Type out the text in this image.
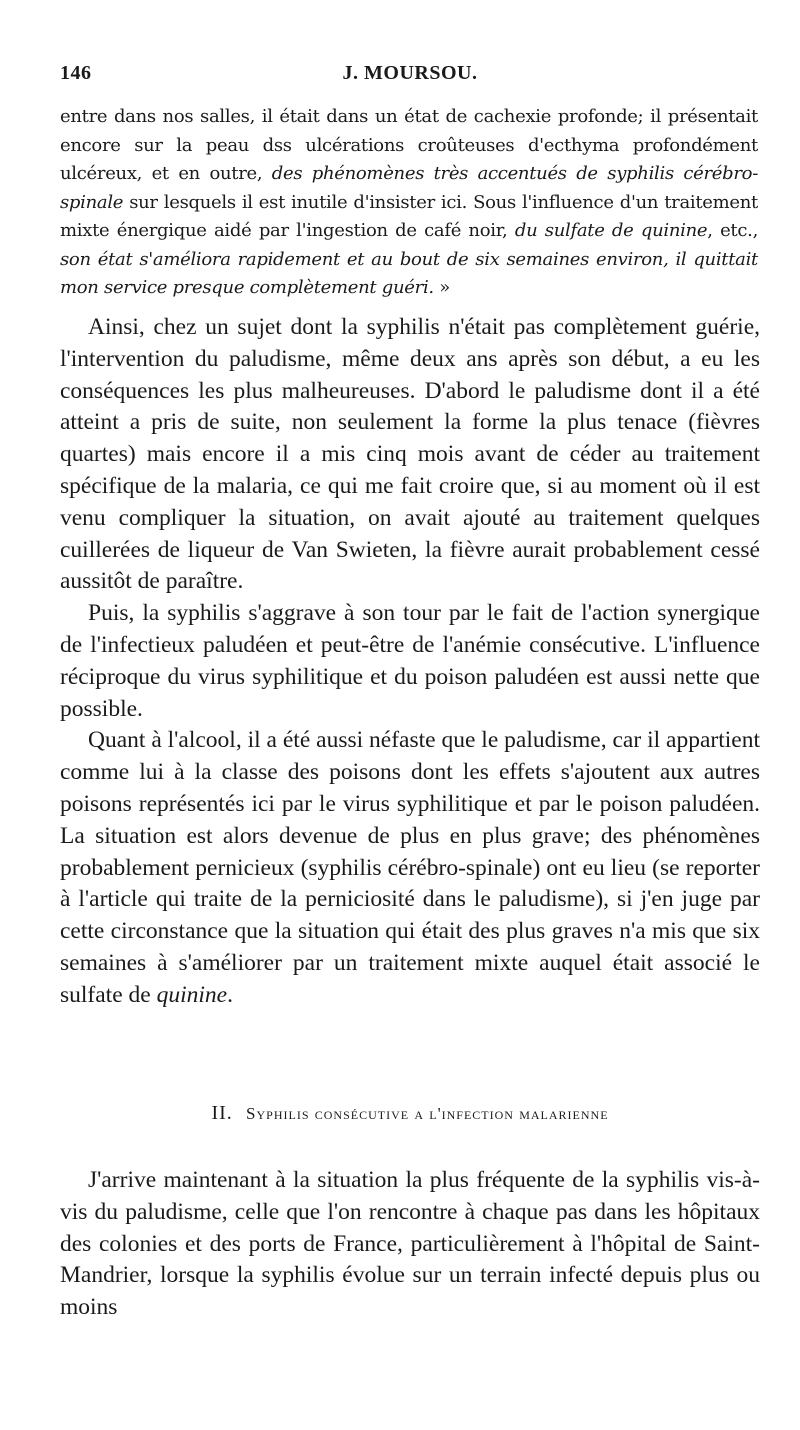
146	J. MOURSOU.
entre dans nos salles, il était dans un état de cachexie profonde; il présentait encore sur la peau dss ulcérations croûteuses d'ecthyma profondément ulcéreux, et en outre, des phénomènes très accentués de syphilis cérébro-spinale sur lesquels il est inutile d'insister ici. Sous l'influence d'un traitement mixte énergique aidé par l'ingestion de café noir, du sulfate de quinine, etc., son état s'améliora rapidement et au bout de six semaines environ, il quittait mon service presque complètement guéri. »

Ainsi, chez un sujet dont la syphilis n'était pas complètement guérie, l'intervention du paludisme, même deux ans après son début, a eu les conséquences les plus malheureuses. D'abord le paludisme dont il a été atteint a pris de suite, non seulement la forme la plus tenace (fièvres quartes) mais encore il a mis cinq mois avant de céder au traitement spécifique de la malaria, ce qui me fait croire que, si au moment où il est venu compliquer la situation, on avait ajouté au traitement quelques cuillerées de liqueur de Van Swieten, la fièvre aurait probablement cessé aussitôt de paraître.

Puis, la syphilis s'aggrave à son tour par le fait de l'action synergique de l'infectieux paludéen et peut-être de l'anémie consécutive. L'influence réciproque du virus syphilitique et du poison paludéen est aussi nette que possible.

Quant à l'alcool, il a été aussi néfaste que le paludisme, car il appartient comme lui à la classe des poisons dont les effets s'ajoutent aux autres poisons représentés ici par le virus syphilitique et par le poison paludéen. La situation est alors devenue de plus en plus grave; des phénomènes probablement pernicieux (syphilis cérébro-spinale) ont eu lieu (se reporter à l'article qui traite de la perniciosité dans le paludisme), si j'en juge par cette circonstance que la situation qui était des plus graves n'a mis que six semaines à s'améliorer par un traitement mixte auquel était associé le sulfate de quinine.

II. Syphilis consécutive a l'infection malarienne

J'arrive maintenant à la situation la plus fréquente de la syphilis vis-à-vis du paludisme, celle que l'on rencontre à chaque pas dans les hôpitaux des colonies et des ports de France, particulièrement à l'hôpital de Saint-Mandrier, lorsque la syphilis évolue sur un terrain infecté depuis plus ou moins
